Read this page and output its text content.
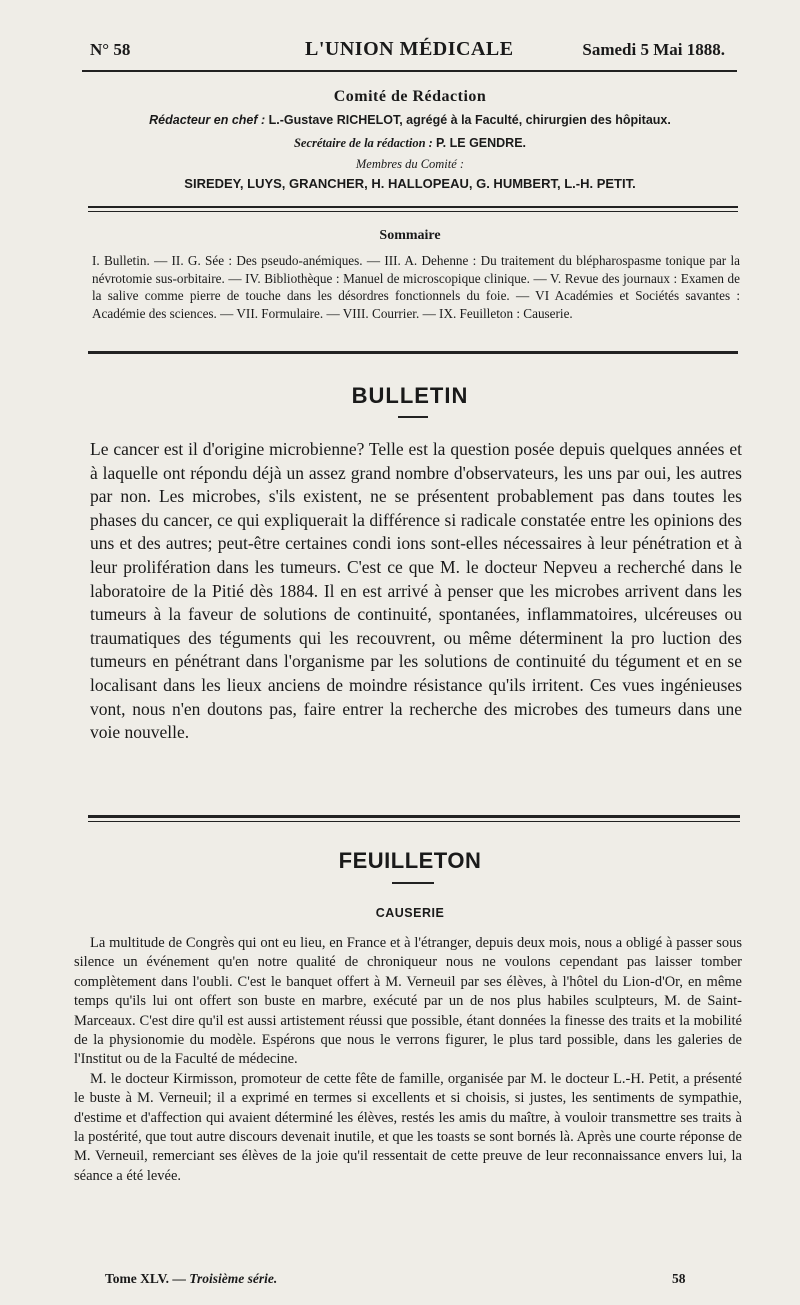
N° 58	L'UNION MÉDICALE	Samedi 5 Mai 1888.
Comité de Rédaction
Rédacteur en chef : L.-Gustave RICHELOT, agrégé à la Faculté, chirurgien des hôpitaux.
Secrétaire de la rédaction : P. LE GENDRE.
Membres du Comité :
SIREDEY, LUYS, GRANCHER, H. HALLOPEAU, G. HUMBERT, L.-H. PETIT.
Sommaire
I. Bulletin. — II. G. Sée : Des pseudo-anémiques. — III. A. Dehenne : Du traitement du blépharospasme tonique par la névrotomie sus-orbitaire. — IV. Bibliothèque : Manuel de microscopique clinique. — V. Revue des journaux : Examen de la salive comme pierre de touche dans les désordres fonctionnels du foie. — VI Académies et Sociétés savantes : Académie des sciences. — VII. Formulaire. — VIII. Courrier. — IX. Feuilleton : Causerie.
BULLETIN
Le cancer est il d'origine microbienne? Telle est la question posée depuis quelques années et à laquelle ont répondu déjà un assez grand nombre d'observateurs, les uns par oui, les autres par non. Les microbes, s'ils existent, ne se présentent probablement pas dans toutes les phases du cancer, ce qui expliquerait la différence si radicale constatée entre les opinions des uns et des autres; peut-être certaines condi ions sont-elles nécessaires à leur pénétration et à leur prolifération dans les tumeurs. C'est ce que M. le docteur Nepveu a recherché dans le laboratoire de la Pitié dès 1884. Il en est arrivé à penser que les microbes arrivent dans les tumeurs à la faveur de solutions de continuité, spontanées, inflammatoires, ulcéreuses ou traumatiques des téguments qui les recouvrent, ou même déterminent la pro luction des tumeurs en pénétrant dans l'organisme par les solutions de continuité du tégument et en se localisant dans les lieux anciens de moindre résistance qu'ils irritent. Ces vues ingénieuses vont, nous n'en doutons pas, faire entrer la recherche des microbes des tumeurs dans une voie nouvelle.
FEUILLETON
CAUSERIE

La multitude de Congrès qui ont eu lieu, en France et à l'étranger, depuis deux mois, nous a obligé à passer sous silence un événement qu'en notre qualité de chroniqueur nous ne voulons cependant pas laisser tomber complètement dans l'oubli. C'est le banquet offert à M. Verneuil par ses élèves, à l'hôtel du Lion-d'Or, en même temps qu'ils lui ont offert son buste en marbre, exécuté par un de nos plus habiles sculpteurs, M. de Saint-Marceaux. C'est dire qu'il est aussi artistement réussi que possible, étant données la finesse des traits et la mobilité de la physionomie du modèle. Espérons que nous le verrons figurer, le plus tard possible, dans les galeries de l'Institut ou de la Faculté de médecine.

M. le docteur Kirmisson, promoteur de cette fête de famille, organisée par M. le docteur L.-H. Petit, a présenté le buste à M. Verneuil; il a exprimé en termes si excellents et si choisis, si justes, les sentiments de sympathie, d'estime et d'affection qui avaient déterminé les élèves, restés les amis du maître, à vouloir transmettre ses traits à la postérité, que tout autre discours devenait inutile, et que les toasts se sont bornés là. Après une courte réponse de M. Verneuil, remerciant ses élèves de la joie qu'il ressentait de cette preuve de leur reconnaissance envers lui, la séance a été levée.

Tome XLV. — Troisième série.	58
